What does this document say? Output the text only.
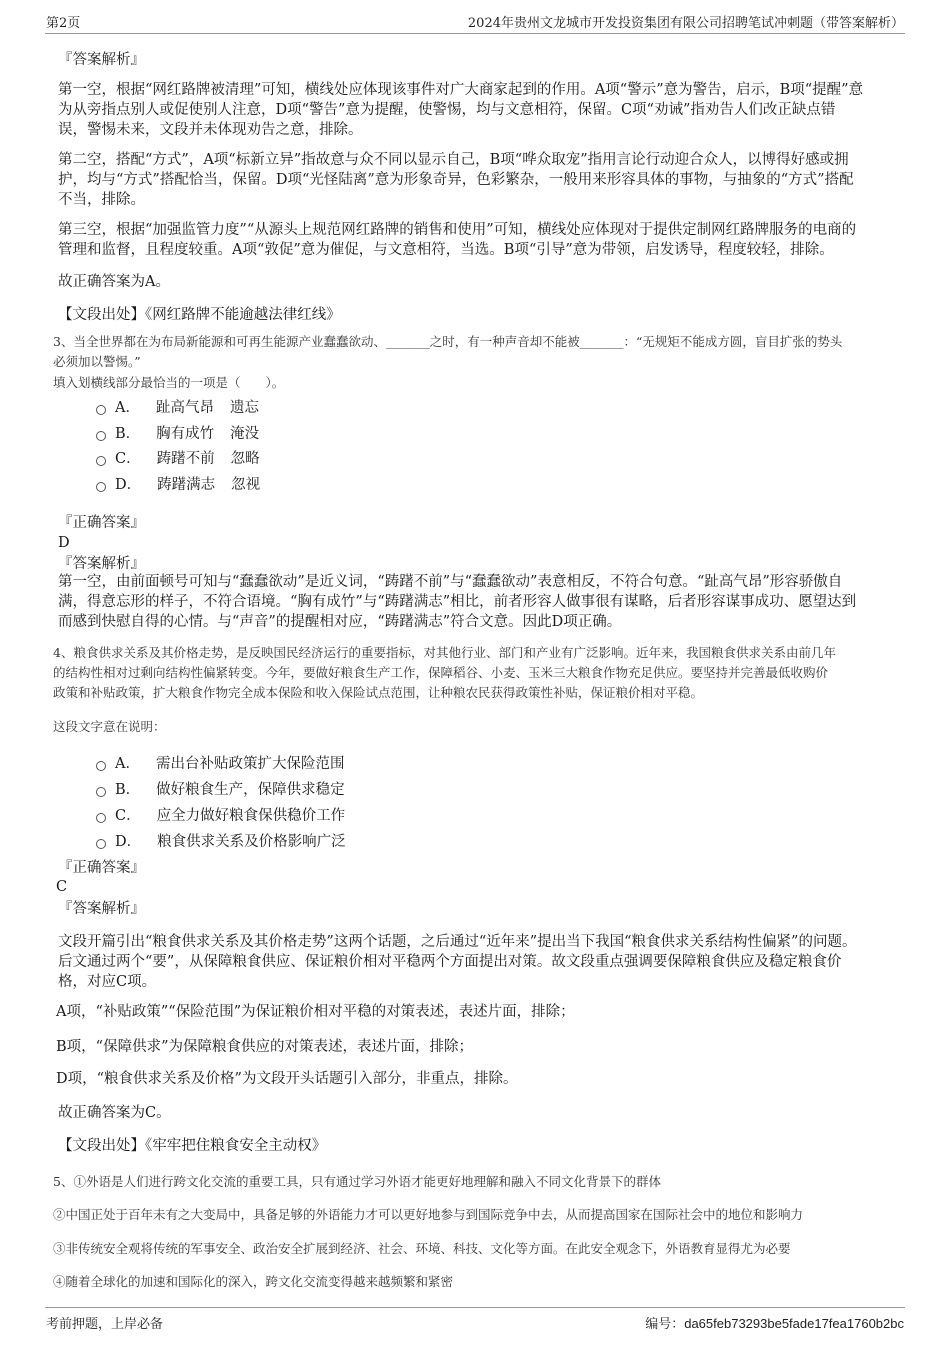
第2页	2024年贵州文龙城市开发投资集团有限公司招聘笔试冲刺题（带答案解析）
『答案解析』
第一空，根据“网红路牌被清理”可知，横线处应体现该事件对广大商家起到的作用。A项“警示”意为警告，启示，B项“提醒”意
为从旁指点别人或促使别人注意，D项“警告”意为提醒，使警惕，均与文意相符，保留。C项“劝诫”指劝告人们改正缺点错
误，警惕未来，文段并未体现劝告之意，排除。
第二空，搭配“方式”，A项“标新立异”指故意与众不同以显示自己，B项“哗众取宠”指用言论行动迎合众人，以博得好感或拥
护，均与“方式”搭配恰当，保留。D项“光怪陆离”意为形象奇异，色彩繁杂，一般用来形容具体的事物，与抽象的“方式”搭配
不当，排除。
第三空，根据“加强监管力度”“从源头上规范网红路牌的销售和使用”可知，横线处应体现对于提供定制网红路牌服务的电商的
管理和监督，且程度较重。A项“敦促”意为催促，与文意相符，当选。B项“引导”意为带领，启发诱导，程度较轻，排除。
故正确答案为A。
【文段出处】《网红路牌不能逾越法律红线》
3、当全世界都在为布局新能源和可再生能源产业蠢蠢欲动、_______之时，有一种声音却不能被_______：“无规矩不能成方圆，盲目扩张的势头
必须加以警惕。”
填入划横线部分最恰当的一项是（　　）。
A． 趾高气昂 遗忘
B． 胸有成竹 淹没
C． 踌躇不前 忽略
D． 踌躇满志 忽视
『正确答案』
D
『答案解析』
第一空，由前面顿号可知与“蠢蠢欲动”是近义词，“踌躇不前”与“蠢蠢欲动”表意相反，不符合句意。“趾高气昂”形容骄傲自
满，得意忘形的样子，不符合语境。“胸有成竹”与“踌躇满志”相比，前者形容人做事很有谋略，后者形容谋事成功、愿望达到
而感到快慰自得的心情。与“声音”的提醒相对应，“踌躇满志”符合文意。因此D项正确。
4、粮食供求关系及其价格走势，是反映国民经济运行的重要指标，对其他行业、部门和产业有广泛影响。近年来，我国粮食供求关系由前几年
的结构性相对过剩向结构性偏紧转变。今年，要做好粮食生产工作，保障稻谷、小麦、玉米三大粮食作物充足供应。要坚持并完善最低收购价
政策和补贴政策，扩大粮食作物完全成本保险和收入保险试点范围，让种粮农民获得政策性补贴，保证粮价相对平稳。
这段文字意在说明：
A． 需出台补贴政策扩大保险范围
B． 做好粮食生产，保障供求稳定
C． 应全力做好粮食保供稳价工作
D． 粮食供求关系及价格影响广泛
『正确答案』
C
『答案解析』
文段开篇引出“粮食供求关系及其价格走势”这两个话题，之后通过“近年来”提出当下我国“粮食供求关系结构性偏紧”的问题。
后文通过两个“要”，从保障粮食供应、保证粮价相对平稳两个方面提出对策。故文段重点强调要保障粮食供应及稳定粮食价
格，对应C项。
A项，“补贴政策”“保险范围”为保证粮价相对平稳的对策表述，表述片面，排除；
B项，“保障供求”为保障粮食供应的对策表述，表述片面，排除；
D项，“粮食供求关系及价格”为文段开头话题引入部分，非重点，排除。
故正确答案为C。
【文段出处】《牢牢把住粮食安全主动权》
5、①外语是人们进行跨文化交流的重要工具，只有通过学习外语才能更好地理解和融入不同文化背景下的群体
②中国正处于百年未有之大变局中，具备足够的外语能力才可以更好地参与到国际竞争中去，从而提高国家在国际社会中的地位和影响力
③非传统安全观将传统的军事安全、政治安全扩展到经济、社会、环境、科技、文化等方面。在此安全观念下，外语教育显得尤为必要
④随着全球化的加速和国际化的深入，跨文化交流变得越来越频繁和紧密
考前押题，上岸必备	编号：da65feb73293be5fade17fea1760b2bc
